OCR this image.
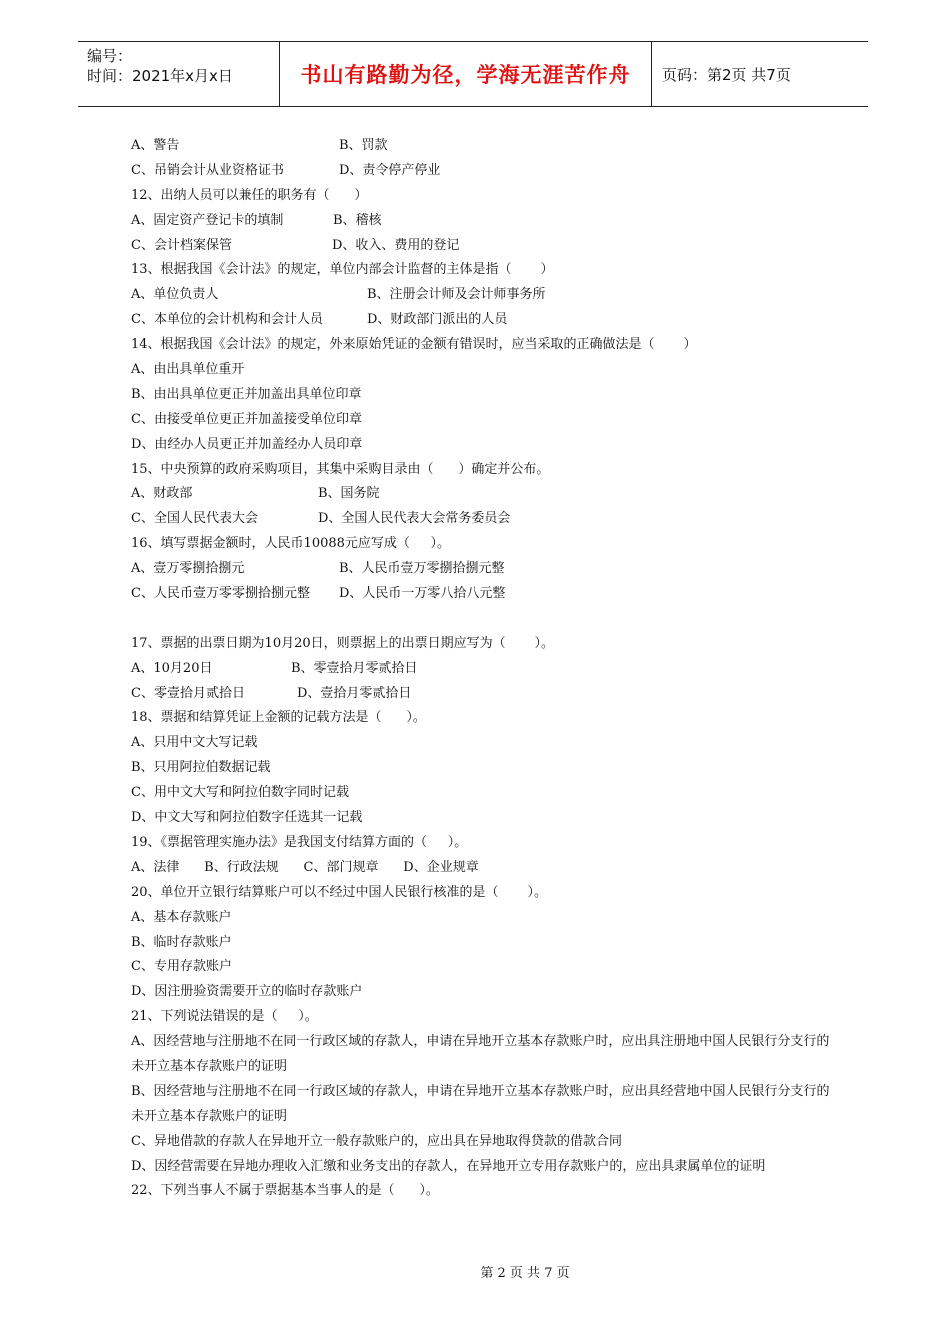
编号：
时间：2021年x月x日	书山有路勤为径，学海无涯苦作舟	页码：第2页 共7页
A、警告	B、罚款
C、吊销会计从业资格证书	D、责令停产停业
12、出纳人员可以兼任的职务有（      ）
A、固定资产登记卡的填制	B、稽核
C、会计档案保管	D、收入、费用的登记
13、根据我国《会计法》的规定，单位内部会计监督的主体是指（       ）
A、单位负责人	B、注册会计师及会计师事务所
C、本单位的会计机构和会计人员	D、财政部门派出的人员
14、根据我国《会计法》的规定，外来原始凭证的金额有错误时，应当采取的正确做法是（       ）
A、由出具单位重开
B、由出具单位更正并加盖出具单位印章
C、由接受单位更正并加盖接受单位印章
D、由经办人员更正并加盖经办人员印章
15、中央预算的政府采购项目，其集中采购目录由（      ）确定并公布。
A、财政部	B、国务院
C、全国人民代表大会	D、全国人民代表大会常务委员会
16、填写票据金额时，人民币10088元应写成（     ）。
A、壹万零捌拾捌元	B、人民币壹万零捌拾捌元整
C、人民币壹万零零捌拾捌元整 D、人民币一万零八拾八元整
17、票据的出票日期为10月20日，则票据上的出票日期应写为（       ）。
A、10月20日	B、零壹拾月零贰拾日
C、零壹拾月贰拾日	D、壹拾月零贰拾日
18、票据和结算凭证上金额的记载方法是（      ）。
A、只用中文大写记载
B、只用阿拉伯数据记载
C、用中文大写和阿拉伯数字同时记载
D、中文大写和阿拉伯数字任选其一记载
19、《票据管理实施办法》是我国支付结算方面的（     ）。
A、法律      B、行政法规      C、部门规章      D、企业规章
20、单位开立银行结算账户可以不经过中国人民银行核准的是（       ）。
A、基本存款账户
B、临时存款账户
C、专用存款账户
D、因注册验资需要开立的临时存款账户
21、下列说法错误的是（     ）。
A、因经营地与注册地不在同一行政区域的存款人，申请在异地开立基本存款账户时，应出具注册地中国人民银行分支行的未开立基本存款账户的证明
B、因经营地与注册地不在同一行政区域的存款人，申请在异地开立基本存款账户时，应出具经营地中国人民银行分支行的未开立基本存款账户的证明
C、异地借款的存款人在异地开立一般存款账户的，应出具在异地取得贷款的借款合同
D、因经营需要在异地办理收入汇缴和业务支出的存款人，在异地开立专用存款账户的，应出具隶属单位的证明
22、下列当事人不属于票据基本当事人的是（      ）。
第 2 页 共 7 页
